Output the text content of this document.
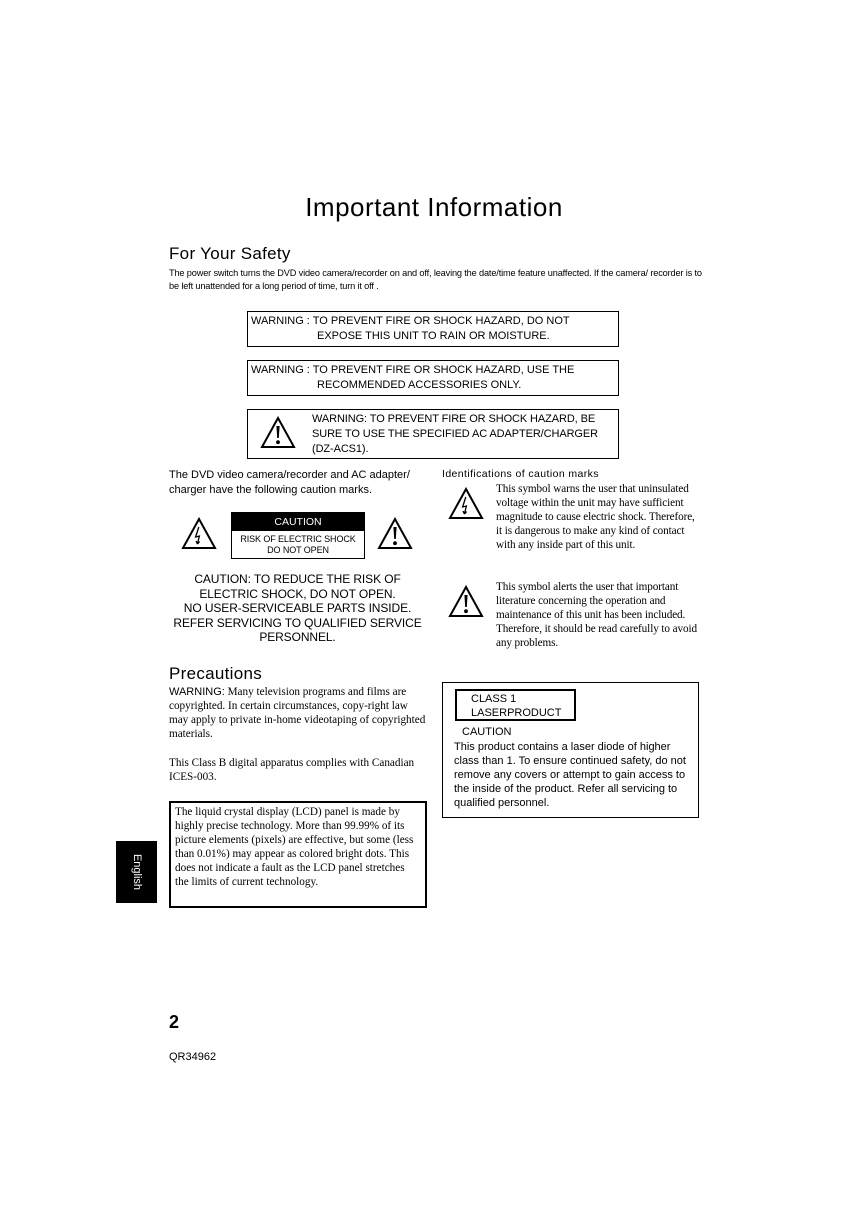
Important Information
For Your Safety
The power switch turns the DVD video camera/recorder on and off, leaving the date/time feature unaffected. If the camera/ recorder is to be left unattended for a long period of time, turn it off .
WARNING : TO PREVENT FIRE OR SHOCK HAZARD, DO NOT
EXPOSE THIS UNIT TO RAIN OR MOISTURE.
WARNING : TO PREVENT FIRE OR SHOCK HAZARD, USE THE
RECOMMENDED ACCESSORIES ONLY.
WARNING: TO PREVENT FIRE OR SHOCK HAZARD, BE SURE TO USE THE SPECIFIED AC ADAPTER/CHARGER (DZ-ACS1).
The DVD video camera/recorder and AC adapter/ charger have the following caution marks.
CAUTION
RISK OF ELECTRIC SHOCK
DO NOT OPEN
CAUTION: TO REDUCE THE RISK OF
ELECTRIC SHOCK, DO NOT OPEN.
NO USER-SERVICEABLE PARTS INSIDE.
REFER SERVICING TO QUALIFIED SERVICE
PERSONNEL.
Identifications of caution marks
This symbol warns the user that uninsulated voltage within the unit may have sufficient magnitude to cause electric shock. Therefore, it is dangerous to make any kind of contact with any inside part of this unit.
This symbol alerts the user that important literature concerning the operation and maintenance of this unit has been included. Therefore, it should be read carefully to avoid any problems.
Precautions
WARNING: Many television programs and films are copyrighted. In certain circumstances, copy-right law may apply to private in-home videotaping of copyrighted materials.
This Class B digital apparatus complies with Canadian ICES-003.
The liquid crystal display (LCD) panel is made by highly precise technology. More than 99.99% of its picture elements (pixels) are effective, but some (less than 0.01%) may appear as colored bright dots. This does not indicate a fault as the LCD panel stretches the limits of current technology.
CLASS 1
LASERPRODUCT
CAUTION
This product contains a laser diode of higher class than 1. To ensure continued safety, do not remove any covers or attempt to gain access to the inside of the product. Refer all servicing to qualified personnel.
English
2
QR34962
